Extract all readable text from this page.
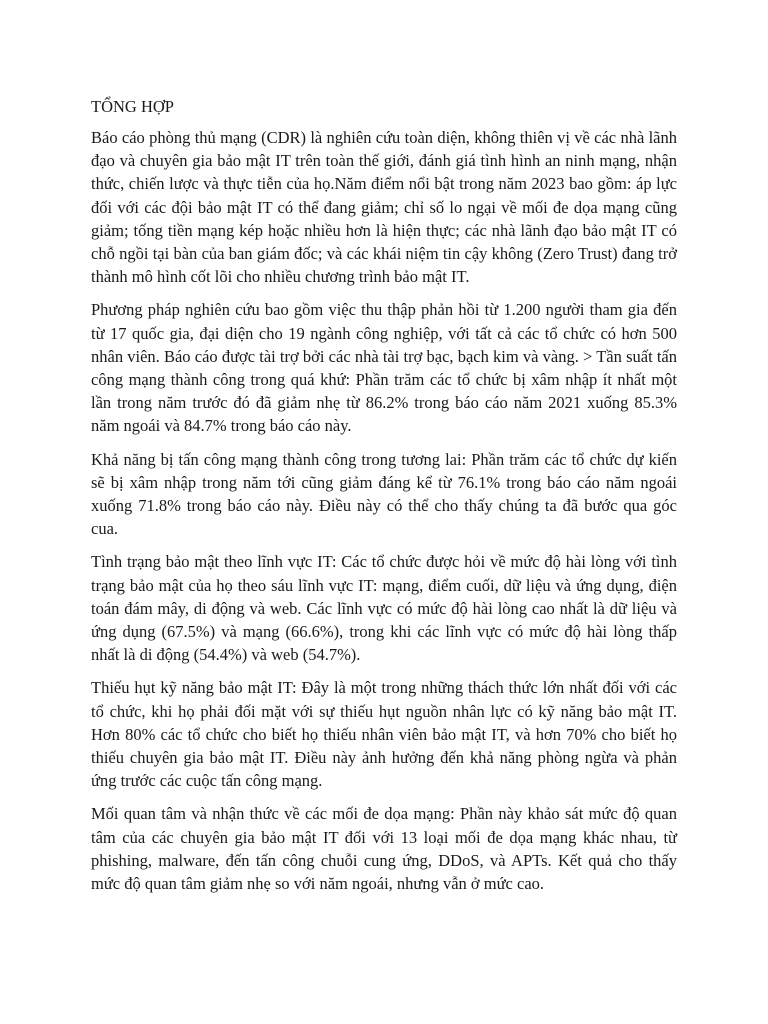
TỔNG HỢP

Báo cáo phòng thủ mạng (CDR) là nghiên cứu toàn diện, không thiên vị về các nhà lãnh đạo và chuyên gia bảo mật IT trên toàn thế giới, đánh giá tình hình an ninh mạng, nhận thức, chiến lược và thực tiễn của họ.Năm điểm nổi bật trong năm 2023 bao gồm: áp lực đối với các đội bảo mật IT có thể đang giảm; chỉ số lo ngại về mối đe dọa mạng cũng giảm; tống tiền mạng kép hoặc nhiều hơn là hiện thực; các nhà lãnh đạo bảo mật IT có chỗ ngồi tại bàn của ban giám đốc; và các khái niệm tin cậy không (Zero Trust) đang trở thành mô hình cốt lõi cho nhiều chương trình bảo mật IT.

Phương pháp nghiên cứu bao gồm việc thu thập phản hồi từ 1.200 người tham gia đến từ 17 quốc gia, đại diện cho 19 ngành công nghiệp, với tất cả các tổ chức có hơn 500 nhân viên. Báo cáo được tài trợ bởi các nhà tài trợ bạc, bạch kim và vàng. > Tần suất tấn công mạng thành công trong quá khứ: Phần trăm các tổ chức bị xâm nhập ít nhất một lần trong năm trước đó đã giảm nhẹ từ 86.2% trong báo cáo năm 2021 xuống 85.3% năm ngoái và 84.7% trong báo cáo này.

Khả năng bị tấn công mạng thành công trong tương lai: Phần trăm các tổ chức dự kiến sẽ bị xâm nhập trong năm tới cũng giảm đáng kể từ 76.1% trong báo cáo năm ngoái xuống 71.8% trong báo cáo này. Điều này có thể cho thấy chúng ta đã bước qua góc cua.

Tình trạng bảo mật theo lĩnh vực IT: Các tổ chức được hỏi về mức độ hài lòng với tình trạng bảo mật của họ theo sáu lĩnh vực IT: mạng, điểm cuối, dữ liệu và ứng dụng, điện toán đám mây, di động và web. Các lĩnh vực có mức độ hài lòng cao nhất là dữ liệu và ứng dụng (67.5%) và mạng (66.6%), trong khi các lĩnh vực có mức độ hài lòng thấp nhất là di động (54.4%) và web (54.7%).

Thiếu hụt kỹ năng bảo mật IT: Đây là một trong những thách thức lớn nhất đối với các tổ chức, khi họ phải đối mặt với sự thiếu hụt nguồn nhân lực có kỹ năng bảo mật IT. Hơn 80% các tổ chức cho biết họ thiếu nhân viên bảo mật IT, và hơn 70% cho biết họ thiếu chuyên gia bảo mật IT. Điều này ảnh hưởng đến khả năng phòng ngừa và phản ứng trước các cuộc tấn công mạng.

Mối quan tâm và nhận thức về các mối đe dọa mạng: Phần này khảo sát mức độ quan tâm của các chuyên gia bảo mật IT đối với 13 loại mối đe dọa mạng khác nhau, từ phishing, malware, đến tấn công chuỗi cung ứng, DDoS, và APTs. Kết quả cho thấy mức độ quan tâm giảm nhẹ so với năm ngoái, nhưng vẫn ở mức cao.
